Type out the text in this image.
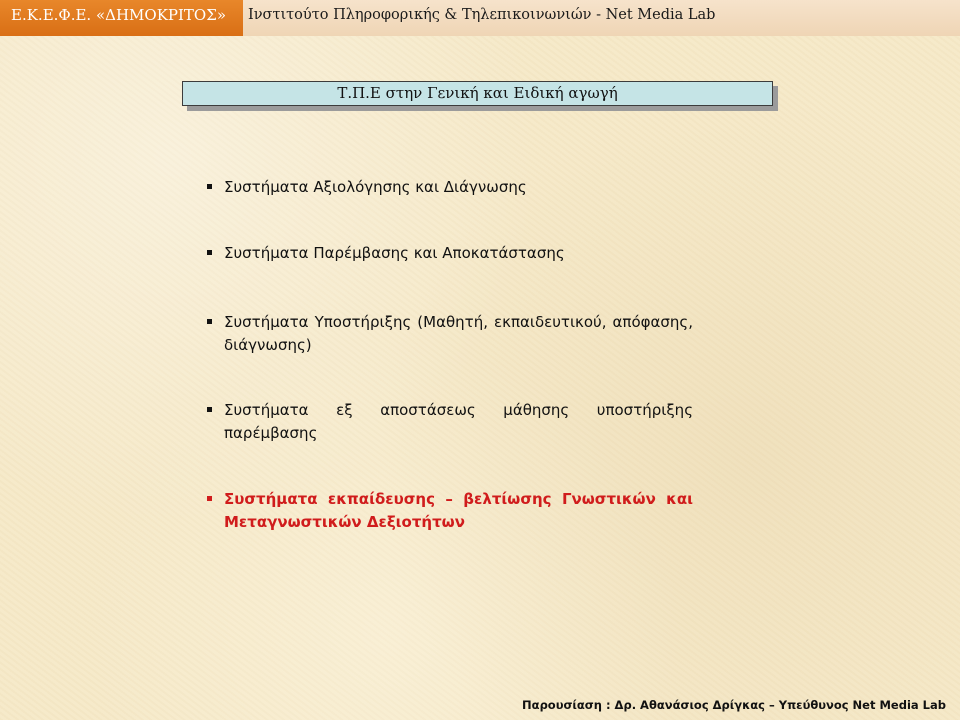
Ε.Κ.Ε.Φ.Ε. «ΔΗΜΟΚΡΙΤΟΣ»	Ινστιτούτο Πληροφορικής & Τηλεπικοινωνιών - Net Media Lab
Τ.Π.Ε στην Γενική και Ειδική αγωγή
Συστήματα Αξιολόγησης και Διάγνωσης
Συστήματα Παρέμβασης και Αποκατάστασης
Συστήματα Υποστήριξης (Μαθητή, εκπαιδευτικού, απόφασης, διάγνωσης)
Συστήματα εξ αποστάσεως μάθησης υποστήριξης παρέμβασης
Συστήματα εκπαίδευσης – βελτίωσης Γνωστικών και Μεταγνωστικών Δεξιοτήτων
Παρουσίαση : Δρ. Αθανάσιος Δρίγκας – Υπεύθυνος Net Media Lab
